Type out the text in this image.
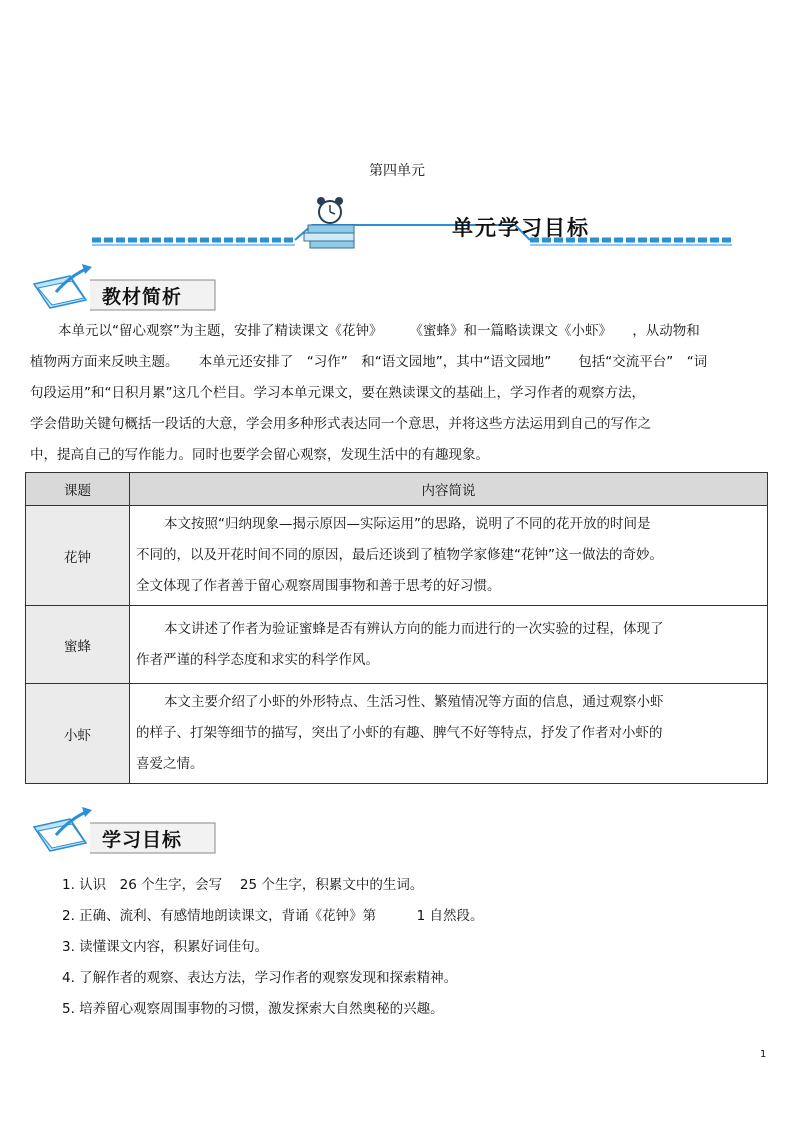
第四单元
单元学习目标
教材简析

本单元以“留心观察”为主题，安排了精读课文《花钟》　　　《蜜蜂》和一篇略读课文《小虾》　　，从动物和

植物两方面来反映主题。　　本单元还安排了　“习作”　和“语文园地”，其中“语文园地”　　包括“交流平台”　“词

句段运用”和“日积月累”这几个栏目。学习本单元课文，要在熟读课文的基础上，学习作者的观察方法，

学会借助关键句概括一段话的大意，学会用多种形式表达同一个意思，并将这些方法运用到自己的写作之

中，提高自己的写作能力。同时也要学会留心观察，发现生活中的有趣现象。

课题	内容简说
花钟	本文按照“归纳现象—揭示原因—实际运用”的思路，说明了不同的花开放的时间是

不同的，以及开花时间不同的原因，最后还谈到了植物学家修建“花钟”这一做法的奇妙。

全文体现了作者善于留心观察周围事物和善于思考的好习惯。

蜜蜂	本文讲述了作者为验证蜜蜂是否有辨认方向的能力而进行的一次实验的过程，体现了

作者严谨的科学态度和求实的科学作风。

小虾	本文主要介绍了小虾的外形特点、生活习性、繁殖情况等方面的信息，通过观察小虾

的样子、打架等细节的描写，突出了小虾的有趣、脾气不好等特点，抒发了作者对小虾的

喜爱之情。

学习目标

1. 认识　26 个生字，会写　 25 个生字，积累文中的生词。

2. 正确、流利、有感情地朗读课文，背诵《花钟》第　　　1 自然段。

3. 读懂课文内容，积累好词佳句。

4. 了解作者的观察、表达方法，学习作者的观察发现和探索精神。

5. 培养留心观察周围事物的习惯，激发探索大自然奥秘的兴趣。

1
